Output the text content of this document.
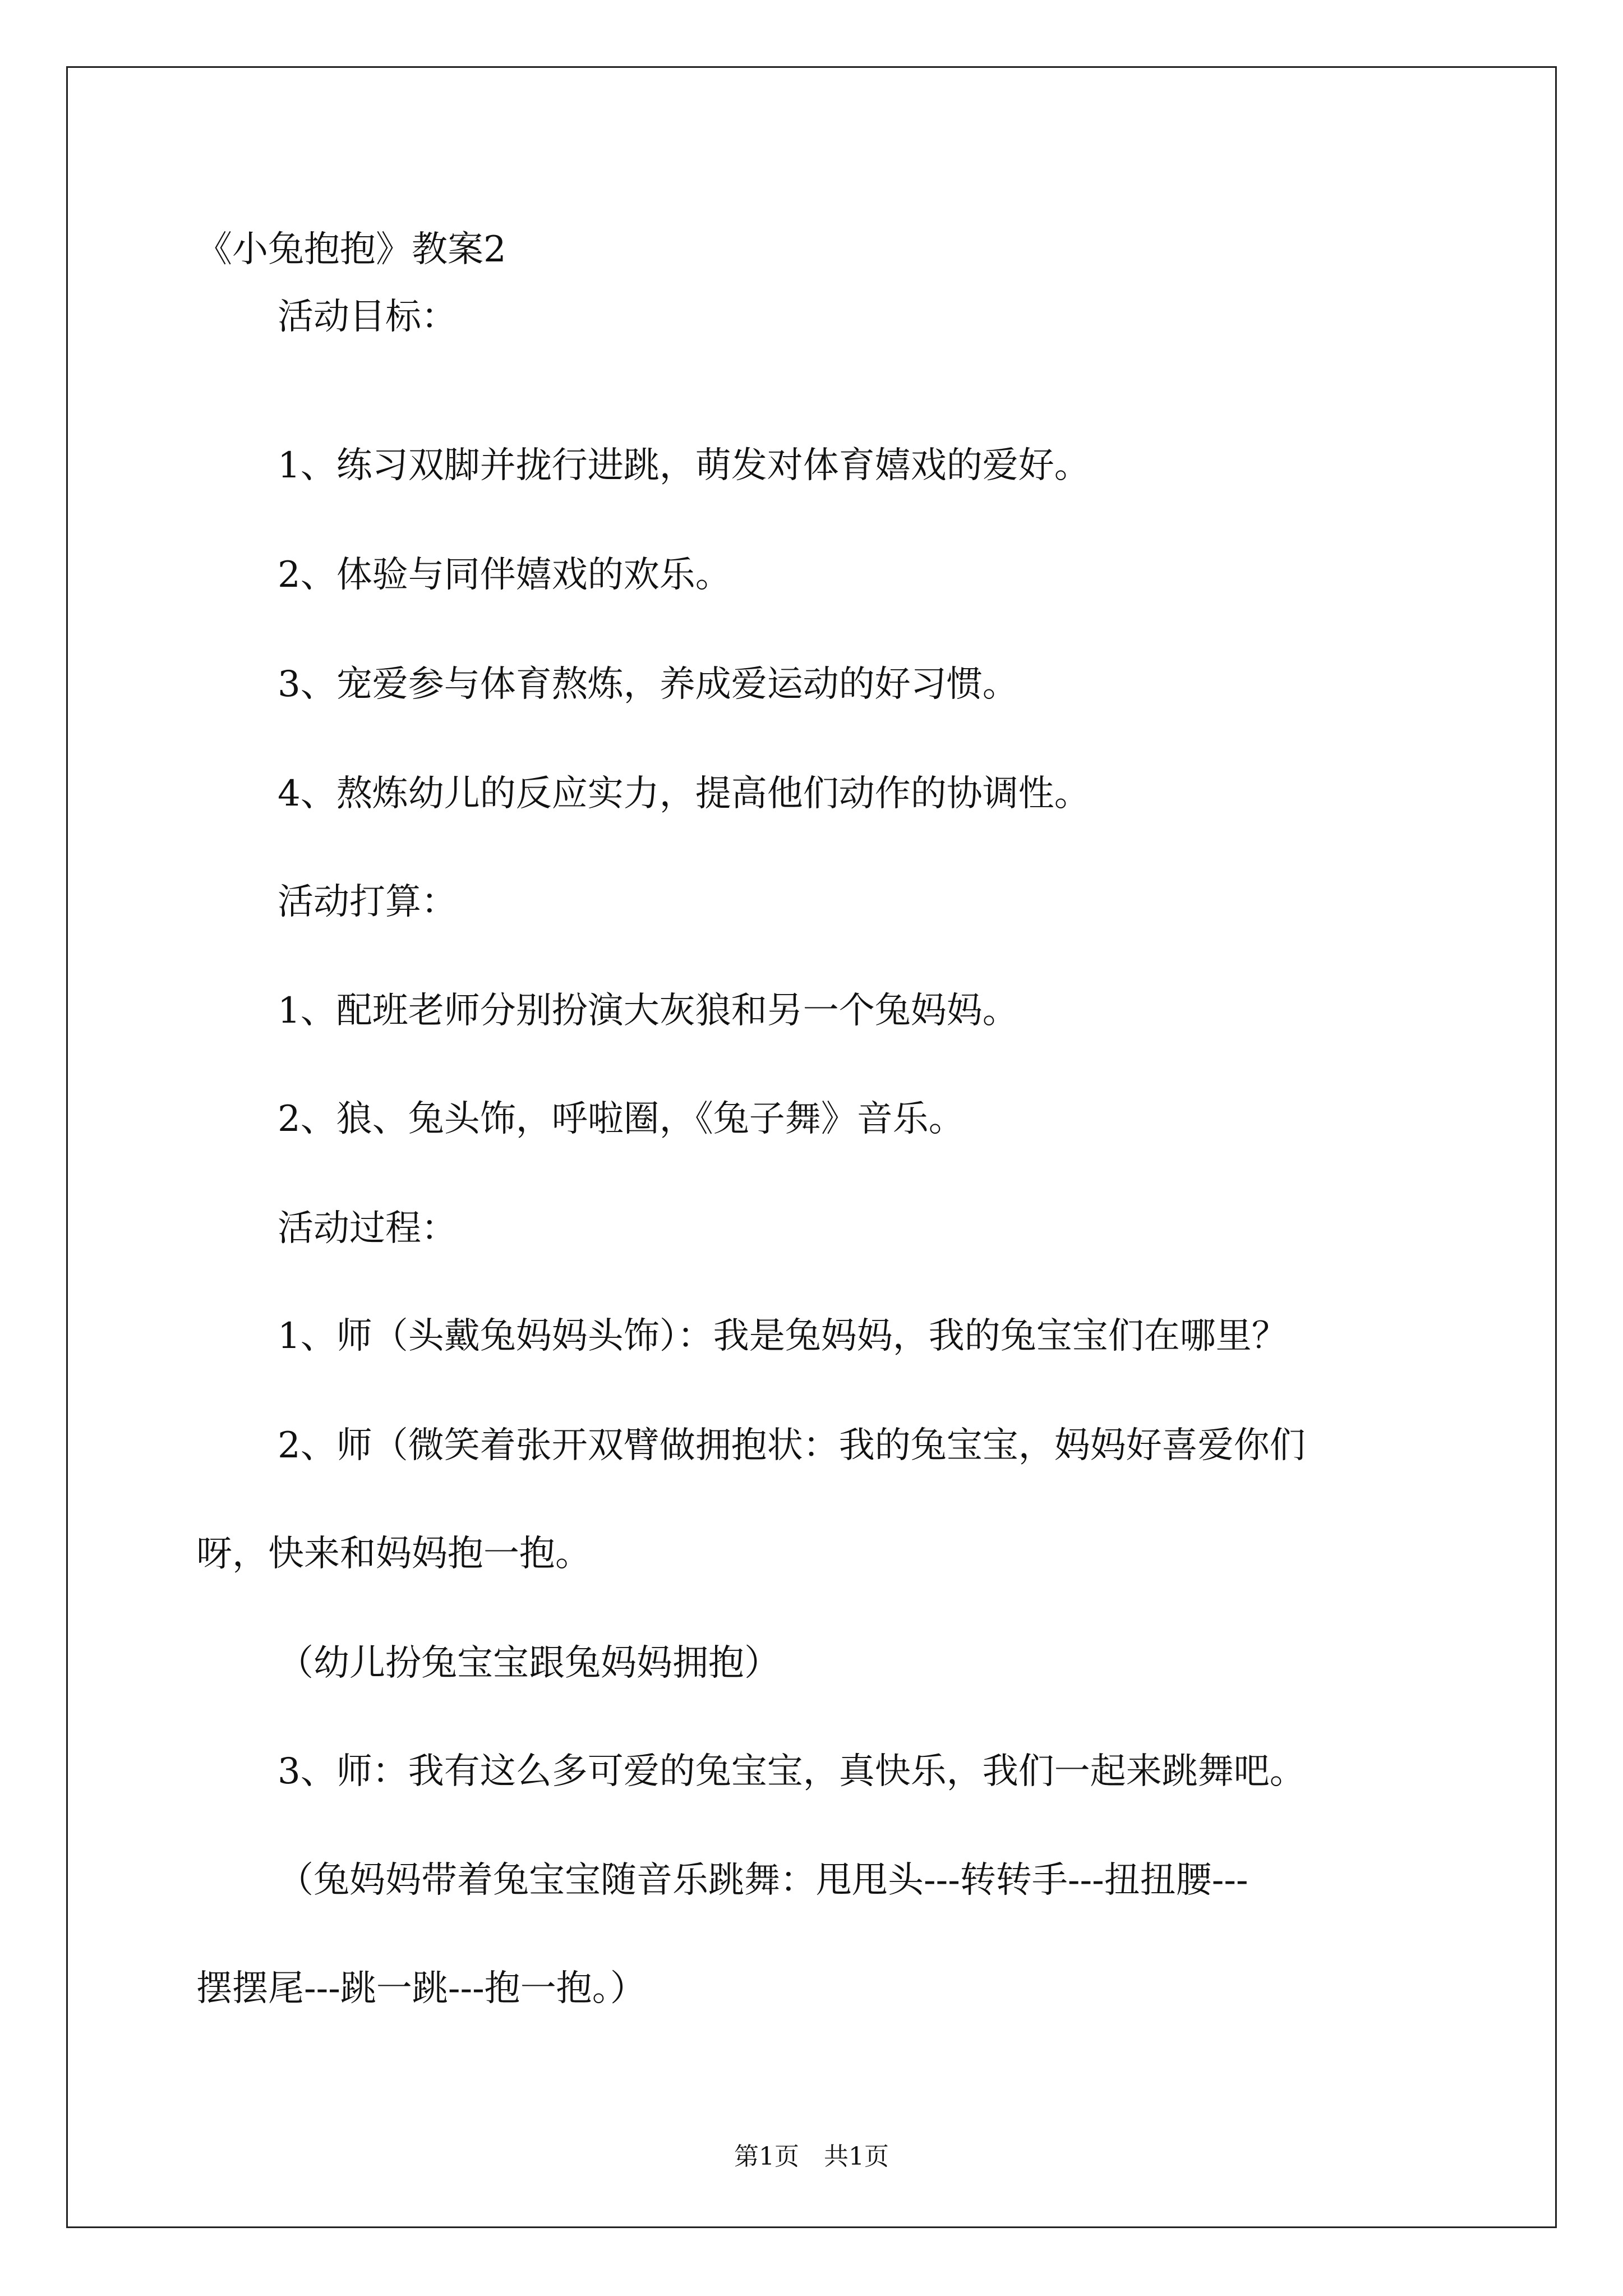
《小兔抱抱》教案2

活动目标：

1、练习双脚并拢行进跳，萌发对体育嬉戏的爱好。

2、体验与同伴嬉戏的欢乐。

3、宠爱参与体育熬炼，养成爱运动的好习惯。

4、熬炼幼儿的反应实力，提高他们动作的协调性。

活动打算：

1、配班老师分别扮演大灰狼和另一个兔妈妈。

2、狼、兔头饰，呼啦圈，《兔子舞》音乐。

活动过程：

1、师（头戴兔妈妈头饰）：我是兔妈妈，我的兔宝宝们在哪里？

2、师（微笑着张开双臂做拥抱状：我的兔宝宝，妈妈好喜爱你们

呀，快来和妈妈抱一抱。

（幼儿扮兔宝宝跟兔妈妈拥抱）

3、师：我有这么多可爱的兔宝宝，真快乐，我们一起来跳舞吧。

（兔妈妈带着兔宝宝随音乐跳舞：甩甩头---转转手---扭扭腰---

摆摆尾---跳一跳---抱一抱。）

第1页　共1页
